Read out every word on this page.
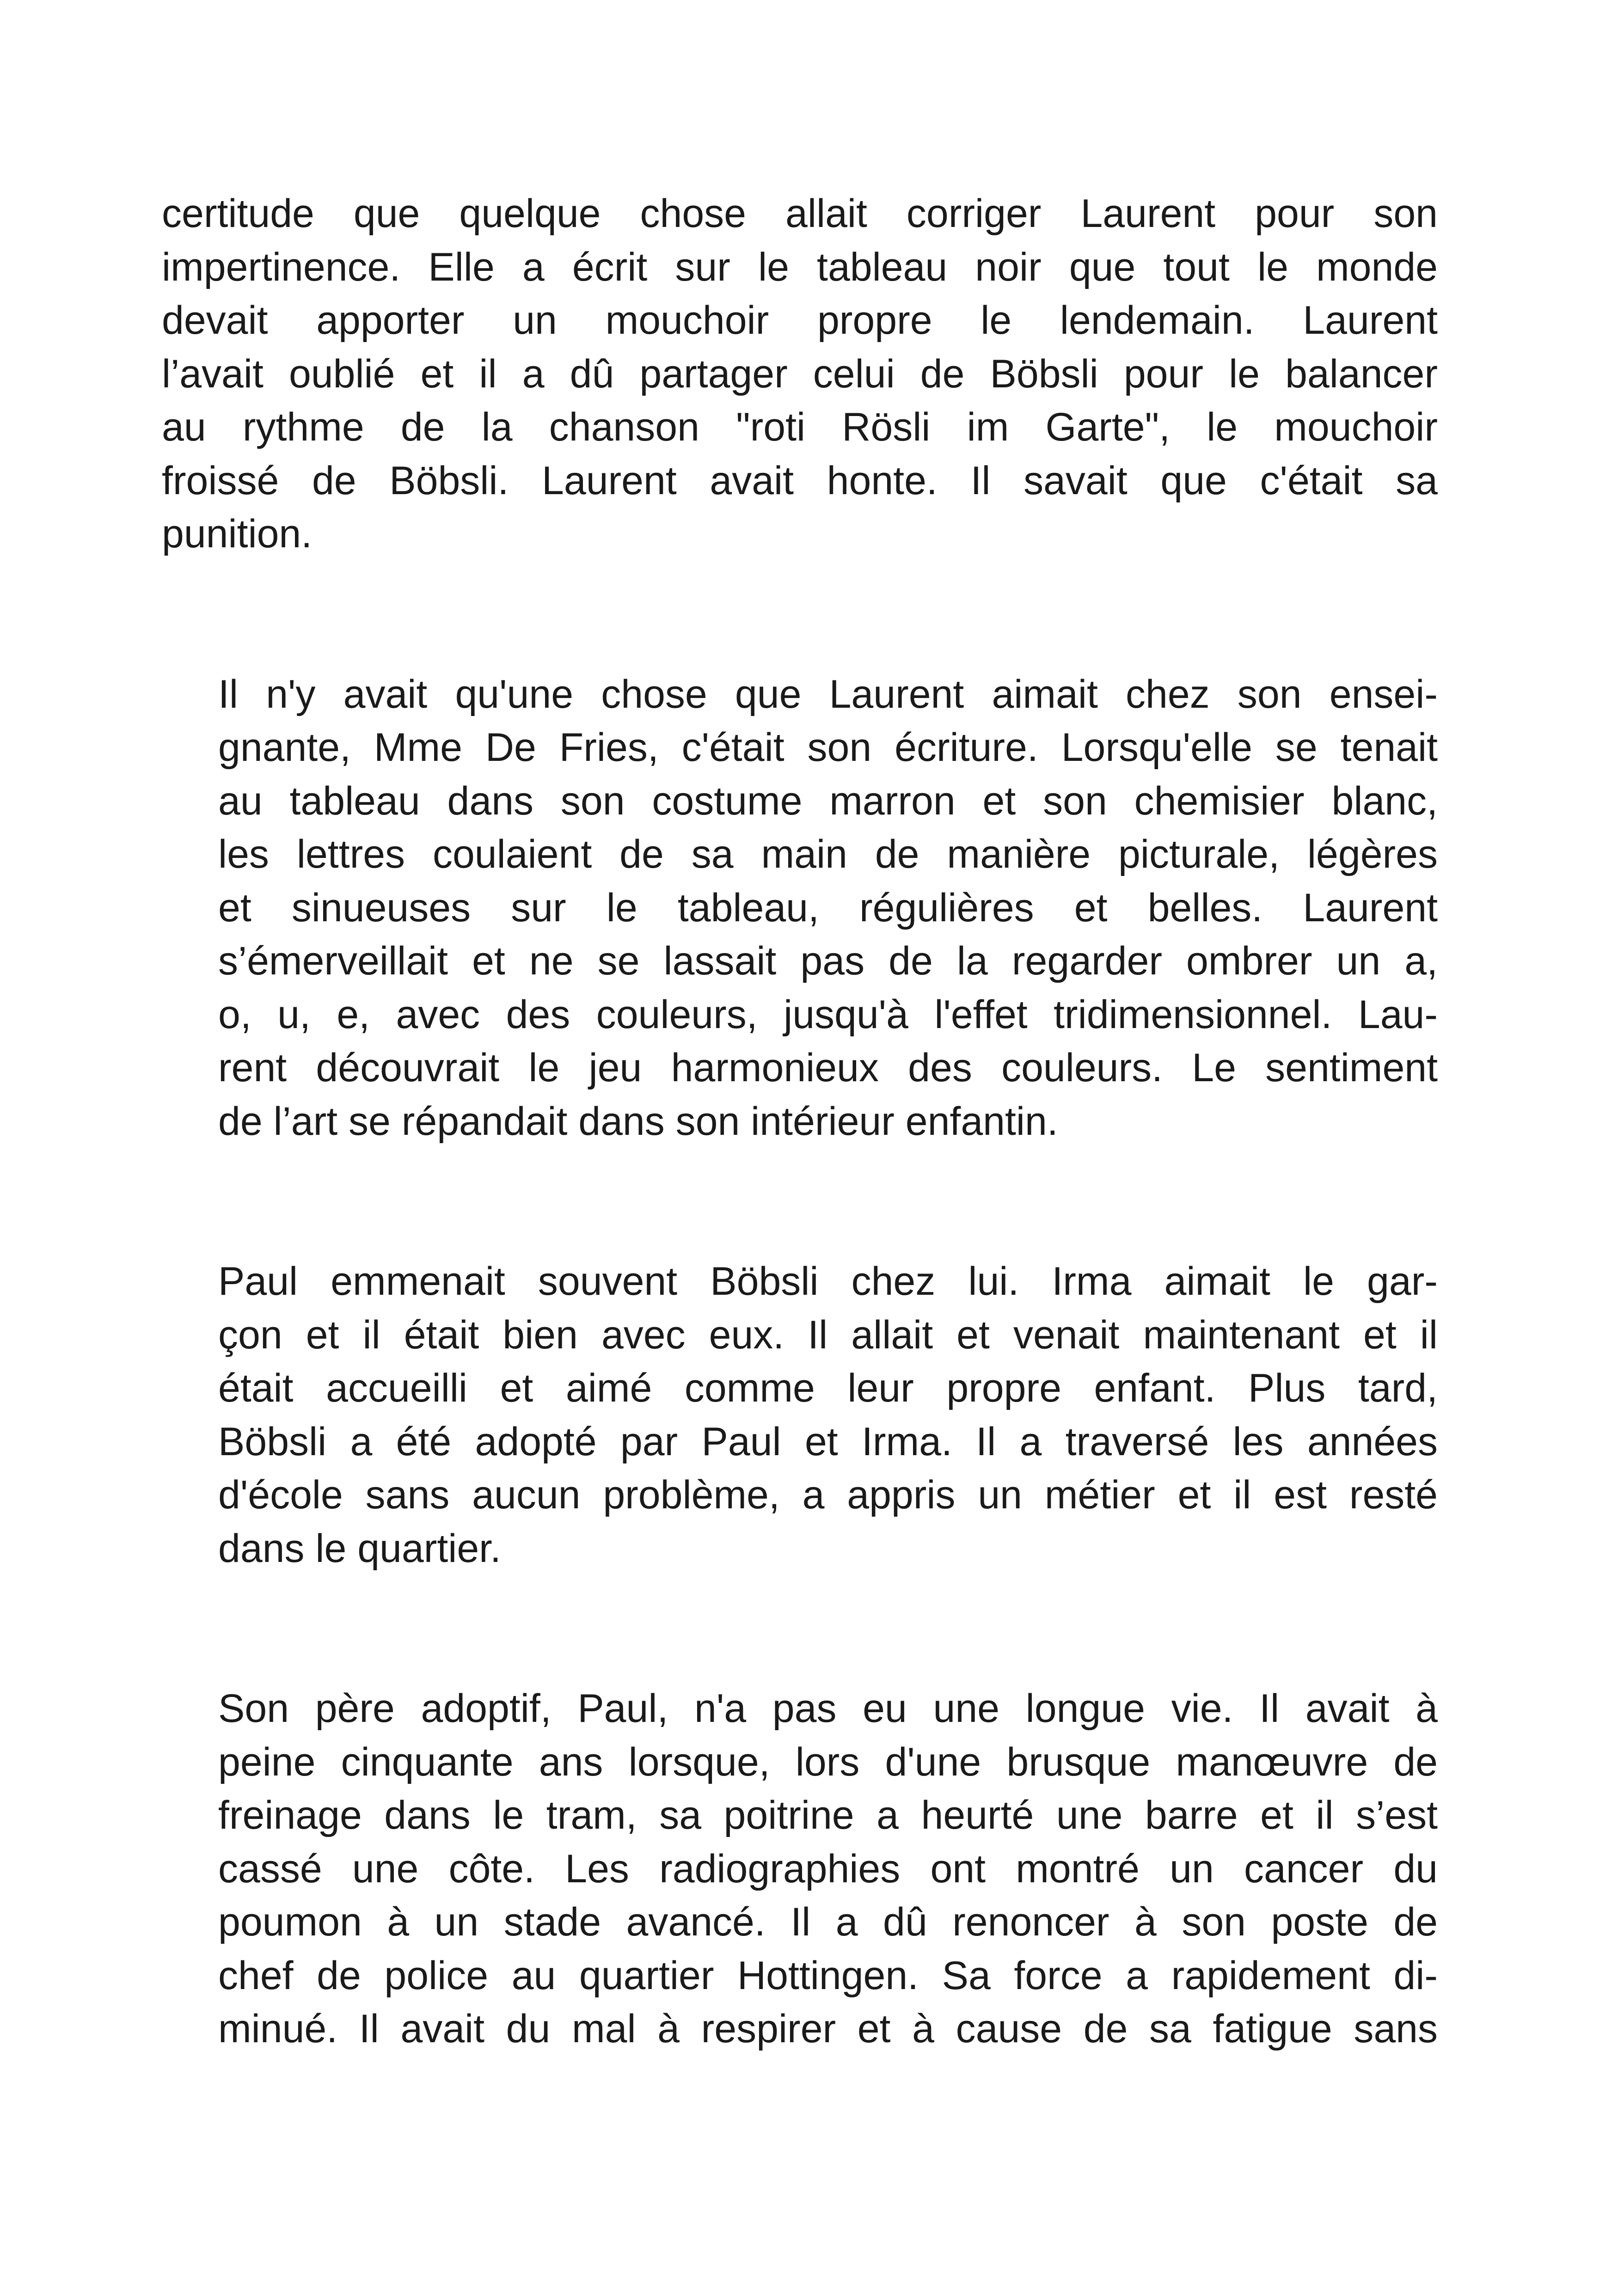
certitude que quelque chose allait corriger Laurent pour son
impertinence. Elle a écrit sur le tableau noir que tout le monde
devait apporter un mouchoir propre le lendemain. Laurent
l’avait oublié et il a dû partager celui de Böbsli pour le balancer
au rythme de la chanson "roti Rösli im Garte", le mouchoir
froissé de Böbsli. Laurent avait honte. Il savait que c'était sa
punition.

Il n'y avait qu'une chose que Laurent aimait chez son ensei-
gnante, Mme De Fries, c'était son écriture. Lorsqu'elle se tenait
au tableau dans son costume marron et son chemisier blanc,
les lettres coulaient de sa main de manière picturale, légères
et sinueuses sur le tableau, régulières et belles. Laurent
s’émerveillait et ne se lassait pas de la regarder ombrer un a,
o, u, e, avec des couleurs, jusqu'à l'effet tridimensionnel. Lau-
rent découvrait le jeu harmonieux des couleurs. Le sentiment
de l’art se répandait dans son intérieur enfantin.

Paul emmenait souvent Böbsli chez lui. Irma aimait le gar-
çon et il était bien avec eux. Il allait et venait maintenant et il
était accueilli et aimé comme leur propre enfant. Plus tard,
Böbsli a été adopté par Paul et Irma. Il a traversé les années
d'école sans aucun problème, a appris un métier et il est resté
dans le quartier.

Son père adoptif, Paul, n'a pas eu une longue vie. Il avait à
peine cinquante ans lorsque, lors d'une brusque manœuvre de
freinage dans le tram, sa poitrine a heurté une barre et il s’est
cassé une côte. Les radiographies ont montré un cancer du
poumon à un stade avancé. Il a dû renoncer à son poste de
chef de police au quartier Hottingen. Sa force a rapidement di-
minué. Il avait du mal à respirer et à cause de sa fatigue sans
